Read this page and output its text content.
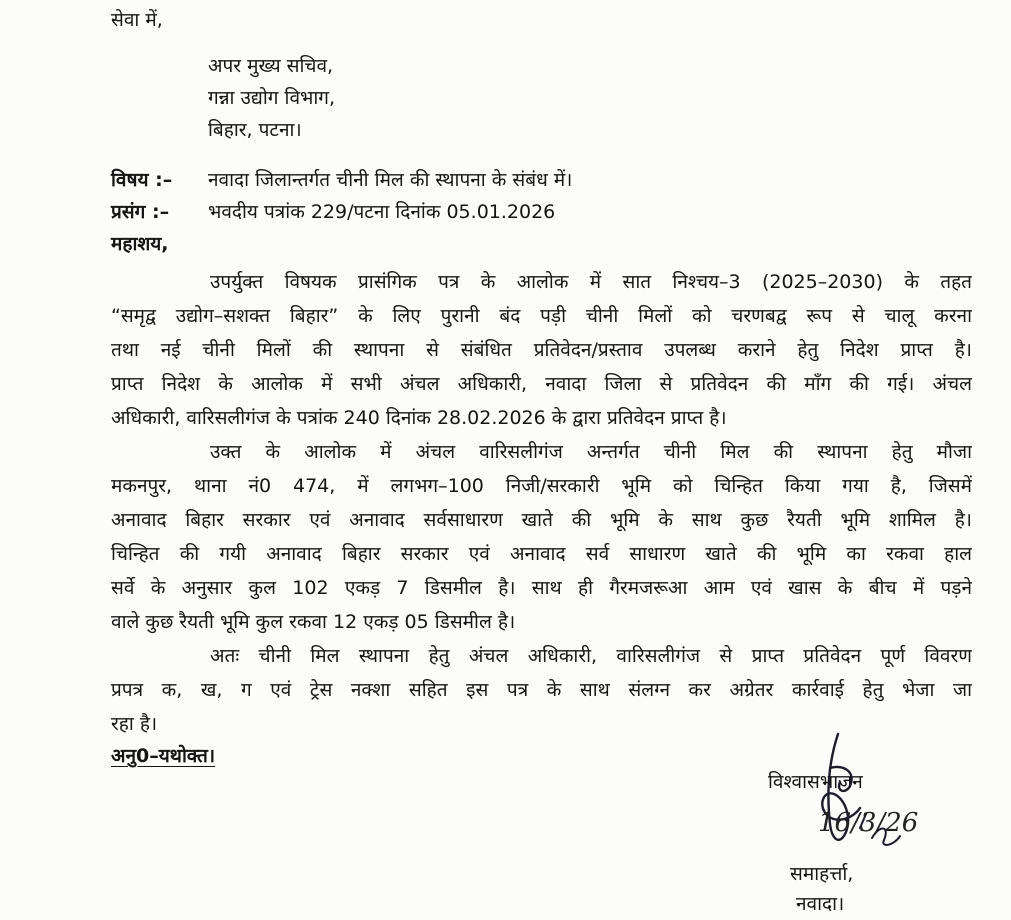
सेवा में,
अपर मुख्य सचिव,
गन्ना उद्योग विभाग,
बिहार, पटना।
विषय :– नवादा जिलान्तर्गत चीनी मिल की स्थापना के संबंध में।
प्रसंग :– भवदीय पत्रांक 229/पटना दिनांक 05.01.2026
महाशय,
उपर्युक्त विषयक प्रासंगिक पत्र के आलोक में सात निश्चय–3 (2025–2030) के तहत
“समृद्व उद्योग–सशक्त बिहार” के लिए पुरानी बंद पड़ी चीनी मिलों को चरणबद्व रूप से चालू करना
तथा नई चीनी मिलों की स्थापना से संबंधित प्रतिवेदन/प्रस्ताव उपलब्ध कराने हेतु निदेश प्राप्त है।
प्राप्त निदेश के आलोक में सभी अंचल अधिकारी, नवादा जिला से प्रतिवेदन की माँग की गई। अंचल
अधिकारी, वारिसलीगंज के पत्रांक 240 दिनांक 28.02.2026 के द्वारा प्रतिवेदन प्राप्त है।
उक्त के आलोक में अंचल वारिसलीगंज अन्तर्गत चीनी मिल की स्थापना हेतु मौजा
मकनपुर, थाना नं0 474, में लगभग–100 निजी/सरकारी भूमि को चिन्हित किया गया है, जिसमें
अनावाद बिहार सरकार एवं अनावाद सर्वसाधारण खाते की भूमि के साथ कुछ रैयती भूमि शामिल है।
चिन्हित की गयी अनावाद बिहार सरकार एवं अनावाद सर्व साधारण खाते की भूमि का रकवा हाल
सर्वे के अनुसार कुल 102 एकड़ 7 डिसमील है। साथ ही गैरमजरूआ आम एवं खास के बीच में पड़ने
वाले कुछ रैयती भूमि कुल रकवा 12 एकड़ 05 डिसमील है।
अतः चीनी मिल स्थापना हेतु अंचल अधिकारी, वारिसलीगंज से प्राप्त प्रतिवेदन पूर्ण विवरण
प्रपत्र क, ख, ग एवं ट्रेस नक्शा सहित इस पत्र के साथ संलग्न कर अग्रेतर कार्रवाई हेतु भेजा जा
रहा है।
अनु0–यथोक्त।
विश्वासभाजन
16/3/26
समाहर्त्ता,
नवादा।
